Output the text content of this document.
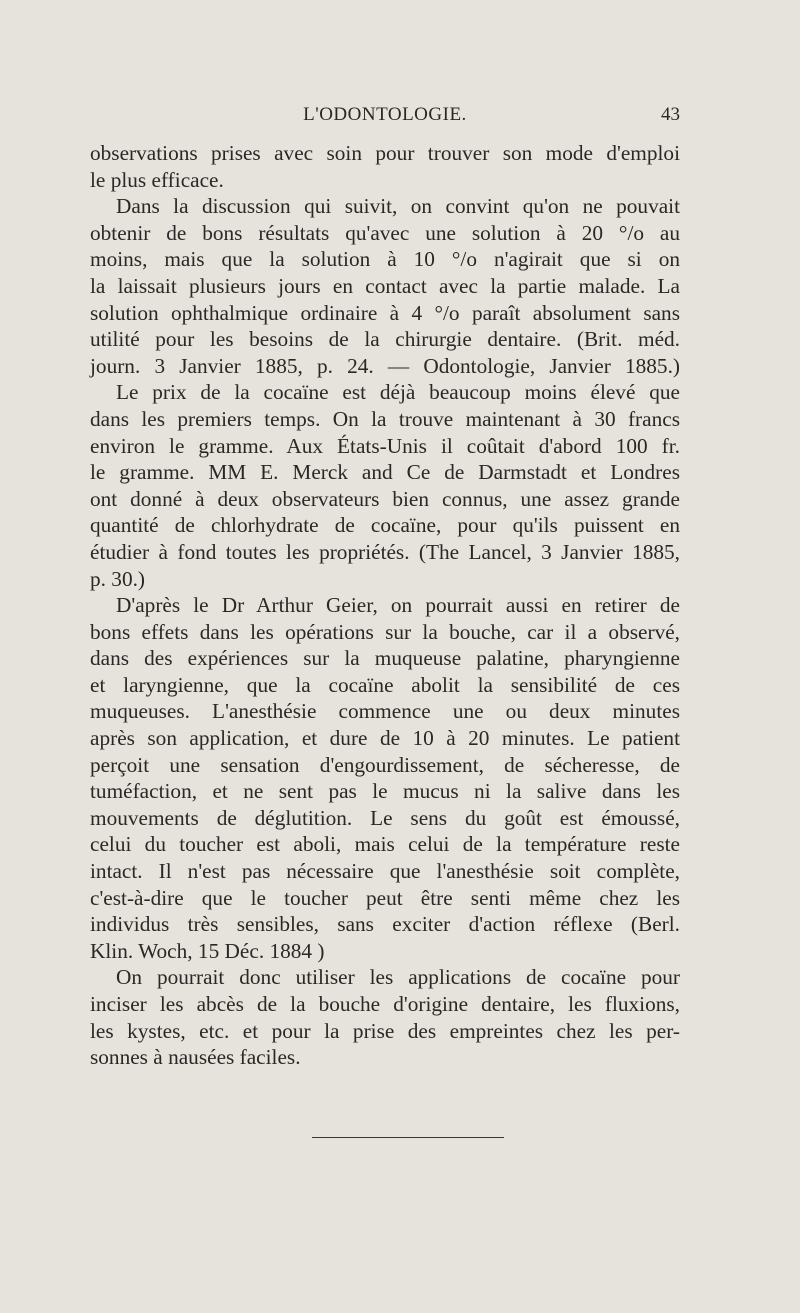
L'ODONTOLOGIE.	43
observations prises avec soin pour trouver son mode d'emploi
le plus efficace.
Dans la discussion qui suivit, on convint qu'on ne pouvait
obtenir de bons résultats qu'avec une solution à 20 °/o au
moins, mais que la solution à 10 °/o n'agirait que si on
la laissait plusieurs jours en contact avec la partie malade. La
solution ophthalmique ordinaire à 4 °/o paraît absolument sans
utilité pour les besoins de la chirurgie dentaire. (Brit. méd.
journ. 3 Janvier 1885, p. 24. — Odontologie, Janvier 1885.)
Le prix de la cocaïne est déjà beaucoup moins élevé que
dans les premiers temps. On la trouve maintenant à 30 francs
environ le gramme. Aux États-Unis il coûtait d'abord 100 fr.
le gramme. MM E. Merck and Ce de Darmstadt et Londres
ont donné à deux observateurs bien connus, une assez grande
quantité de chlorhydrate de cocaïne, pour qu'ils puissent en
étudier à fond toutes les propriétés. (The Lancel, 3 Janvier 1885,
p. 30.)
D'après le Dr Arthur Geier, on pourrait aussi en retirer de
bons effets dans les opérations sur la bouche, car il a observé,
dans des expériences sur la muqueuse palatine, pharyngienne
et laryngienne, que la cocaïne abolit la sensibilité de ces
muqueuses. L'anesthésie commence une ou deux minutes
après son application, et dure de 10 à 20 minutes. Le patient
perçoit une sensation d'engourdissement, de sécheresse, de
tuméfaction, et ne sent pas le mucus ni la salive dans les
mouvements de déglutition. Le sens du goût est émoussé,
celui du toucher est aboli, mais celui de la température reste
intact. Il n'est pas nécessaire que l'anesthésie soit complète,
c'est-à-dire que le toucher peut être senti même chez les
individus très sensibles, sans exciter d'action réflexe (Berl.
Klin. Woch, 15 Déc. 1884 )
On pourrait donc utiliser les applications de cocaïne pour
inciser les abcès de la bouche d'origine dentaire, les fluxions,
les kystes, etc. et pour la prise des empreintes chez les per-
sonnes à nausées faciles.
